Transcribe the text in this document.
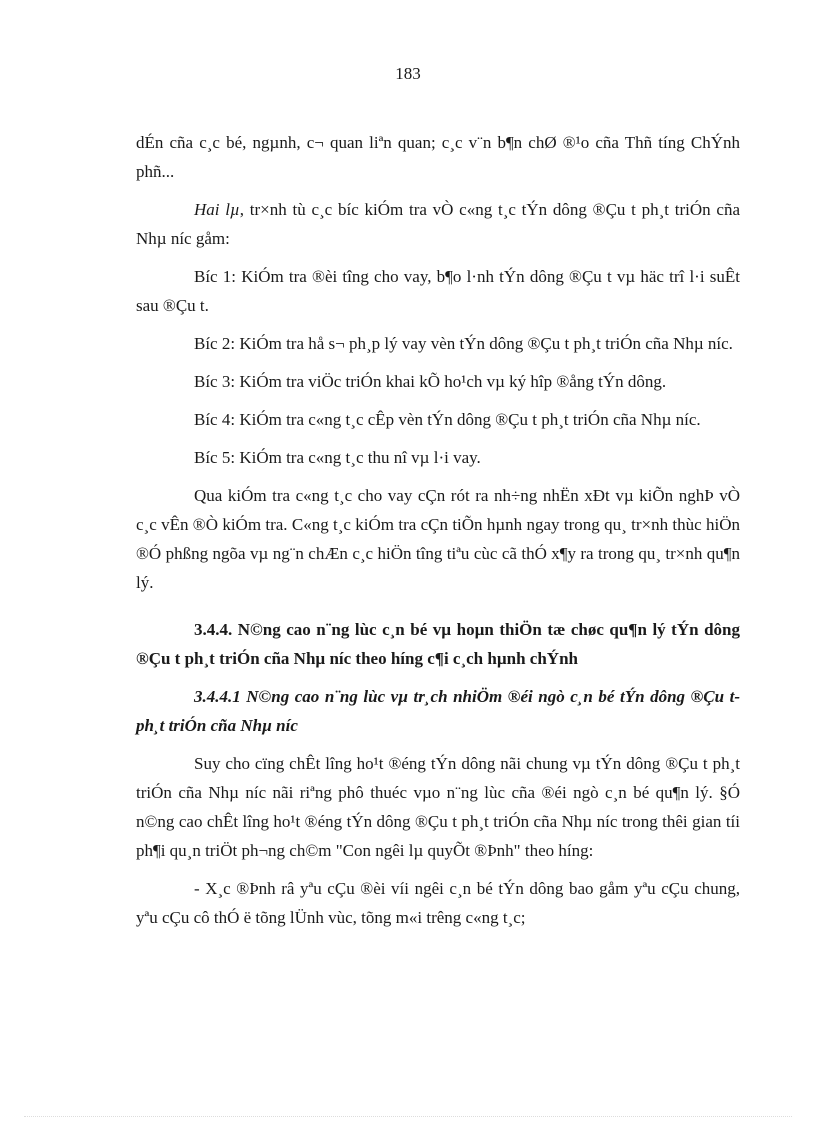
183

dÉn cña c¸c bé, ngµnh, c¬ quan liªn quan; c¸c v¨n b¶n chØ ®¹o cña Thñ tíng ChÝnh phñ...

Hai lµ, tr×nh tù c¸c bíc kiÓm tra vÒ c«ng t¸c tÝn dông ®Çu t ph¸t triÓn cña Nhµ níc gåm:

Bíc 1: KiÓm tra ®èi tîng cho vay, b¶o l·nh tÝn dông ®Çu t vµ häc trî l·i suÊt sau ®Çu t.

Bíc 2: KiÓm tra hå s¬ ph¸p lý vay vèn tÝn dông ®Çu t ph¸t triÓn cña Nhµ níc.

Bíc 3: KiÓm tra viÖc triÓn khai kÕ ho¹ch vµ ký hîp ®ång tÝn dông.

Bíc 4: KiÓm tra c«ng t¸c cÊp vèn tÝn dông ®Çu t ph¸t triÓn cña Nhµ níc.

Bíc 5: KiÓm tra c«ng t¸c thu nî vµ l·i vay.

Qua kiÓm tra c«ng t¸c cho vay cÇn rót ra nh÷ng nhËn xÐt vµ kiÕn nghÞ vÒ c¸c vÊn ®Ò kiÓm tra. C«ng t¸c kiÓm tra cÇn tiÕn hµnh ngay trong qu¸ tr×nh thùc hiÖn ®Ó phßng ngõa vµ ng¨n chÆn c¸c hiÖn tîng tiªu cùc cã thÓ x¶y ra trong qu¸ tr×nh qu¶n lý.

3.4.4. N©ng cao n¨ng lùc c¸n bé vµ hoµn thiÖn tæ chøc qu¶n lý tÝn dông ®Çu t ph¸t triÓn cña Nhµ níc theo híng c¶i c¸ch hµnh chÝnh

3.4.4.1 N©ng cao n¨ng lùc vµ tr¸ch nhiÖm ®éi ngò c¸n bé tÝn dông ®Çu t ph¸t triÓn cña Nhµ níc

Suy cho cïng chÊt lîng ho¹t ®éng tÝn dông nãi chung vµ tÝn dông ®Çu t ph¸t triÓn cña Nhµ níc nãi riªng phô thuéc vµo n¨ng lùc cña ®éi ngò c¸n bé qu¶n lý. §Ó n©ng cao chÊt lîng ho¹t ®éng tÝn dông ®Çu t ph¸t triÓn cña Nhµ níc trong thêi gian tíi ph¶i qu¸n triÖt ph¬ng ch©m "Con ngêi lµ quyÕt ®Þnh" theo híng:

- X¸c ®Þnh râ yªu cÇu ®èi víi ngêi c¸n bé tÝn dông bao gåm yªu cÇu chung, yªu cÇu cô thÓ ë tõng lÜnh vùc, tõng m«i trêng c«ng t¸c;
